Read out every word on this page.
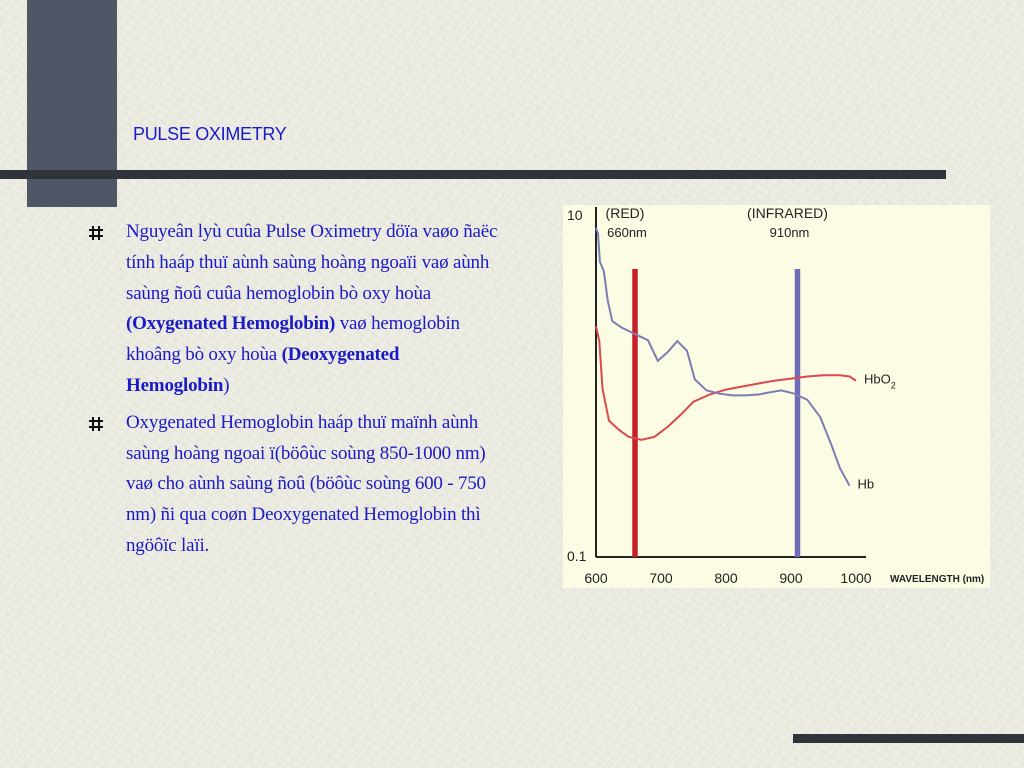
PULSE OXIMETRY
Nguyeân lyù cuûa Pulse Oximetry döïa vaøo ñaëc tính haáp thuï aùnh saùng hoàng ngoaïi vaø aùnh saùng ñoû cuûa hemoglobin bò oxy hoùa (Oxygenated Hemoglobin) vaø hemoglobin khoâng bò oxy hoùa (Deoxygenated Hemoglobin)
Oxygenated Hemoglobin haáp thuï maïnh aùnh saùng hoàng ngoai ï(böôùc soùng 850-1000 nm) vaø cho aùnh saùng ñoû (böôùc soùng 600 - 750 nm) ñi qua coøn Deoxygenated Hemoglobin thì ngöôïc laïi.
10
0.1
600	700	800	900	1000 WAVELENGTH (nm)
(RED)
660nm
(INFRARED)
910nm
HbO$_2$
Hb
